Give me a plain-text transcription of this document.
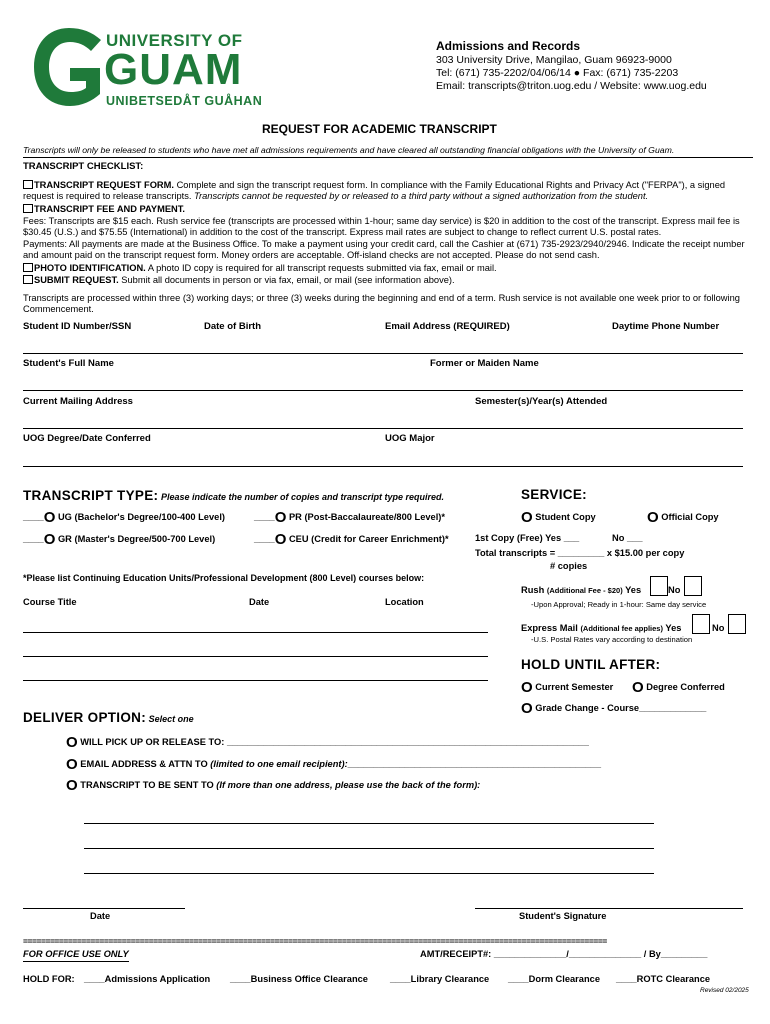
UNIVERSITY OF
GUAM
UNIBETSEDÅT GUÅHAN
Admissions and Records
303 University Drive, Mangilao, Guam 96923-9000
Tel: (671) 735-2202/04/06/14 ● Fax: (671) 735-2203
Email: transcripts@triton.uog.edu / Website: www.uog.edu
REQUEST FOR ACADEMIC TRANSCRIPT
Transcripts will only be released to students who have met all admissions requirements and have cleared all outstanding financial obligations with the University of Guam.
TRANSCRIPT CHECKLIST:
TRANSCRIPT REQUEST FORM. Complete and sign the transcript request form. In compliance with the Family Educational Rights and Privacy Act ("FERPA"), a signed request is required to release transcripts. Transcripts cannot be requested by or released to a third party without a signed authorization from the student.
TRANSCRIPT FEE AND PAYMENT.
Fees: Transcripts are $15 each. Rush service fee (transcripts are processed within 1-hour; same day service) is $20 in addition to the cost of the transcript. Express mail fee is $30.45 (U.S.) and $75.55 (International) in addition to the cost of the transcript. Express mail rates are subject to change to reflect current U.S. postal rates.
Payments: All payments are made at the Business Office. To make a payment using your credit card, call the Cashier at (671) 735-2923/2940/2946. Indicate the receipt number and amount paid on the transcript request form. Money orders are acceptable. Off-island checks are not accepted. Please do not send cash.
PHOTO IDENTIFICATION. A photo ID copy is required for all transcript requests submitted via fax, email or mail.
SUBMIT REQUEST. Submit all documents in person or via fax, email, or mail (see information above).
Transcripts are processed within three (3) working days; or three (3) weeks during the beginning and end of a term. Rush service is not available one week prior to or following Commencement.
Student ID Number/SSN	Date of Birth	Email Address (REQUIRED)	Daytime Phone Number
Student's Full Name	Former or Maiden Name
Current Mailing Address	Semester(s)/Year(s) Attended
UOG Degree/Date Conferred	UOG Major
TRANSCRIPT TYPE: Please indicate the number of copies and transcript type required.
____O UG (Bachelor's Degree/100-400 Level)	____O PR (Post-Baccalaureate/800 Level)*
____O GR (Master's Degree/500-700 Level)	____O CEU (Credit for Career Enrichment)*
*Please list Continuing Education Units/Professional Development (800 Level) courses below:
Course Title	Date	Location
SERVICE:
O Student Copy	O Official Copy
1st Copy (Free) Yes ___	No ___
Total transcripts = _________ x $15.00 per copy
# copies
Rush (Additional Fee - $20) Yes	No
-Upon Approval; Ready in 1-hour: Same day service
Express Mail (Additional fee applies) Yes	No
-U.S. Postal Rates vary according to destination
HOLD UNTIL AFTER:
O Current Semester O Degree Conferred
O Grade Change - Course_____________
DELIVER OPTION: Select one
O WILL PICK UP OR RELEASE TO: ______________________________________________________________________
O EMAIL ADDRESS & ATTN TO (limited to one email recipient):_________________________________________________
O TRANSCRIPT TO BE SENT TO (If more than one address, please use the back of the form):
Date	Student's Signature
==================================================================================================================================
FOR OFFICE USE ONLY	AMT/RECEIPT#: ______________/______________ / By_________
HOLD FOR: ____Admissions Application ____Business Office Clearance ____Library Clearance ____Dorm Clearance ____ROTC Clearance
Revised 02/2025
